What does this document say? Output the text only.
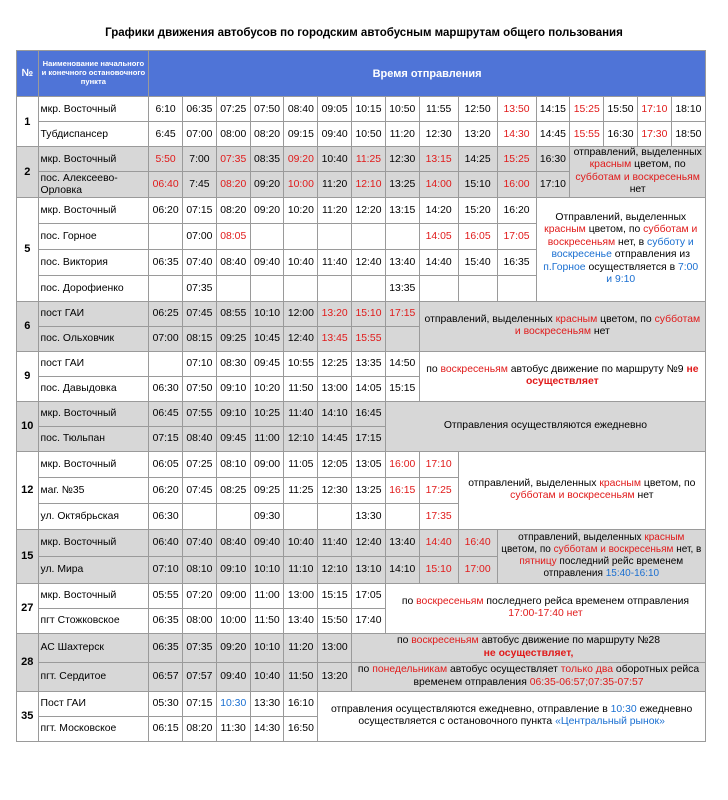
Графики движения автобусов по городским автобусным маршрутам общего пользования
№	Наименование начального и конечного остановочного пункта	Время отправления															
1	мкр. Восточный	6:10	06:35	07:25	07:50	08:40	09:05	10:15	10:50	11:55	12:50	13:50	14:15	15:25	15:50	17:10	18:10
	Тубдиспансер	6:45	07:00	08:00	08:20	09:15	09:40	10:50	11:20	12:30	13:20	14:30	14:45	15:55	16:30	17:30	18:50
2	мкр. Восточный	5:50	7:00	07:35	08:35	09:20	10:40	11:25	12:30	13:15	14:25	15:25	16:30	отправлений, выделенных красным цветом, по субботам и воскресеньям нет			
	пос. Алексеево-Орловка	06:40	7:45	08:20	09:20	10:00	11:20	12:10	13:25	14:00	15:10	16:00	17:10				
5	мкр. Восточный	06:20	07:15	08:20	09:20	10:20	11:20	12:20	13:15	14:20	15:20	16:20	Отправлений, выделенных красным цветом, по субботам и воскресеньям нет, в субботу и воскресенье отправления из п.Горное осуществляется в 7:00 и 9:10				
	пос. Горное		07:00	08:05						14:05	16:05	17:05					
	пос. Виктория	06:35	07:40	08:40	09:40	10:40	11:40	12:40	13:40	14:40	15:40	16:35					
	пос. Дорофиенко		07:35						13:35								
6	пост ГАИ	06:25	07:45	08:55	10:10	12:00	13:20	15:10	17:15	отправлений, выделенных красным цветом, по субботам и воскресеньям нет							
	пос. Ольховчик	07:00	08:15	09:25	10:45	12:40	13:45	15:55									
9	пост ГАИ		07:10	08:30	09:45	10:55	12:25	13:35	14:50	по воскресеньям автобус движение по маршруту №9 не осуществляет							
	пос. Давыдовка	06:30	07:50	09:10	10:20	11:50	13:00	14:05	15:15								
10	мкр. Восточный	06:45	07:55	09:10	10:25	11:40	14:10	16:45	Отправления осуществляются ежедневно								
	пос. Тюльпан	07:15	08:40	09:45	11:00	12:10	14:45	17:15									
12	мкр. Восточный	06:05	07:25	08:10	09:00	11:05	12:05	13:05	16:00	17:10	отправлений, выделенных красным цветом, по субботам и воскресеньям нет						
	маг. №35	06:20	07:45	08:25	09:25	11:25	12:30	13:25	16:15	17:25							
	ул. Октябрьская	06:30			09:30			13:30		17:35							
15	мкр. Восточный	06:40	07:40	08:40	09:40	10:40	11:40	12:40	13:40	14:40	16:40	отправлений, выделенных красным цветом, по субботам и воскресеньям нет, в пятницу последний рейс временем отправления 15:40-16:10					
	ул. Мира	07:10	08:10	09:10	10:10	11:10	12:10	13:10	14:10	15:10	17:00						
27	мкр. Восточный	05:55	07:20	09:00	11:00	13:00	15:15	17:05	по воскресеньям последнего рейса временем отправления 17:00-17:40 нет								
	пгт Стожковское	06:35	08:00	10:00	11:50	13:40	15:50	17:40									
28	АС Шахтерск	06:35	07:35	09:20	10:10	11:20	13:00	по воскресеньям автобус движение по маршруту №28
не осуществляет,									
	пгт. Сердитое	06:57	07:57	09:40	10:40	11:50	13:20	по понедельникам автобус осуществляет только два оборотных рейса временем отправления 06:35-06:57;07:35-07:57									
35	Пост ГАИ	05:30	07:15	10:30	13:30	16:10	отправления осуществляются ежедневно, отправление в 10:30 ежедневно осуществляется с остановочного пункта «Центральный рынок»										
	пгт. Московское	06:15	08:20	11:30	14:30	16:50											
